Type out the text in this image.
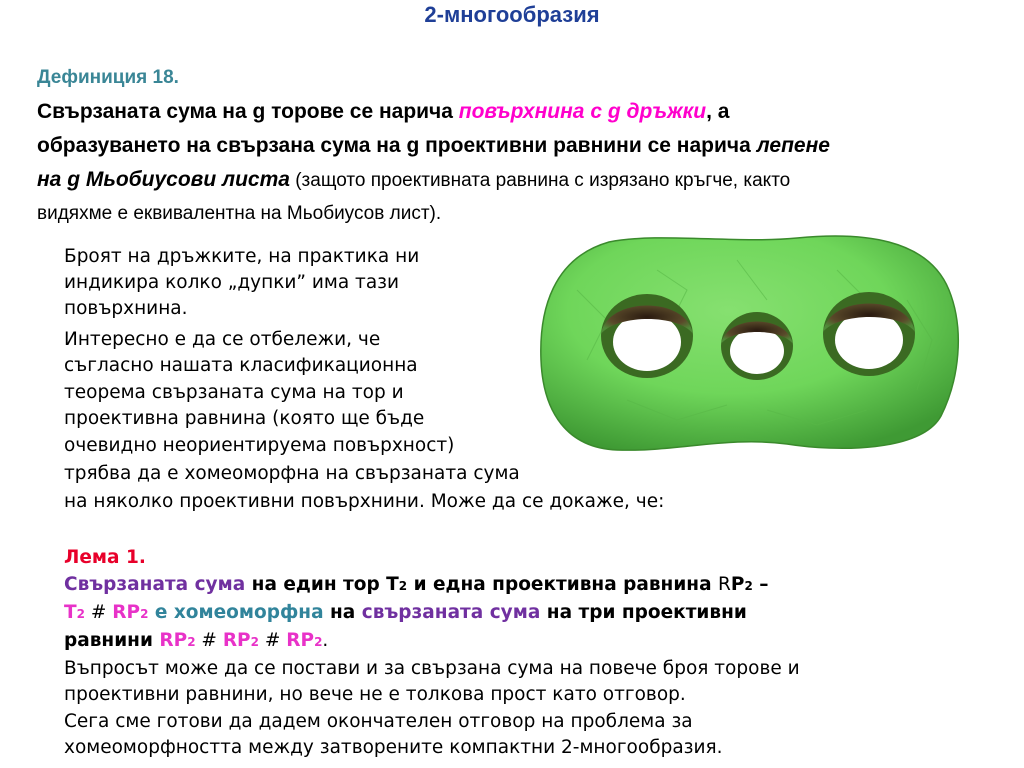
2-многообразия
Дефиниция 18.
Свързаната сума на g торове се нарича повърхнина с g дръжки, а
образуването на свързана сума на g проективни равнини се нарича лепене
на g Мьобиусови листа (защото проективната равнина с изрязано кръгче, както
видяхме е еквивалентна на Мьобиусов лист).
Броят на дръжките, на практика ни
индикира колко „дупки” има тази
повърхнина.
Интересно е да се отбележи, че
съгласно нашата класификационна
теорема свързаната сума на тор и
проективна равнина (която ще бъде
очевидно неориентируема повърхност)
трябва да е хомеоморфна на свързаната сума
на няколко проективни повърхнини. Може да се докаже, че:
Лема 1.
Свързаната сума на един тор T 2 и една проективна равнина R P 2 –
T 2 # RP 2 е хомеоморфна на свързаната сума на три проективни
равнини RP 2 # RP 2 # RP 2 .
Въпросът може да се постави и за свързана сума на повече броя торове и
проективни равнини, но вече не е толкова прост като отговор.
Сега сме готови да дадем окончателен отговор на проблема за
хомеоморфността между затворените компактни 2-многообразия.
